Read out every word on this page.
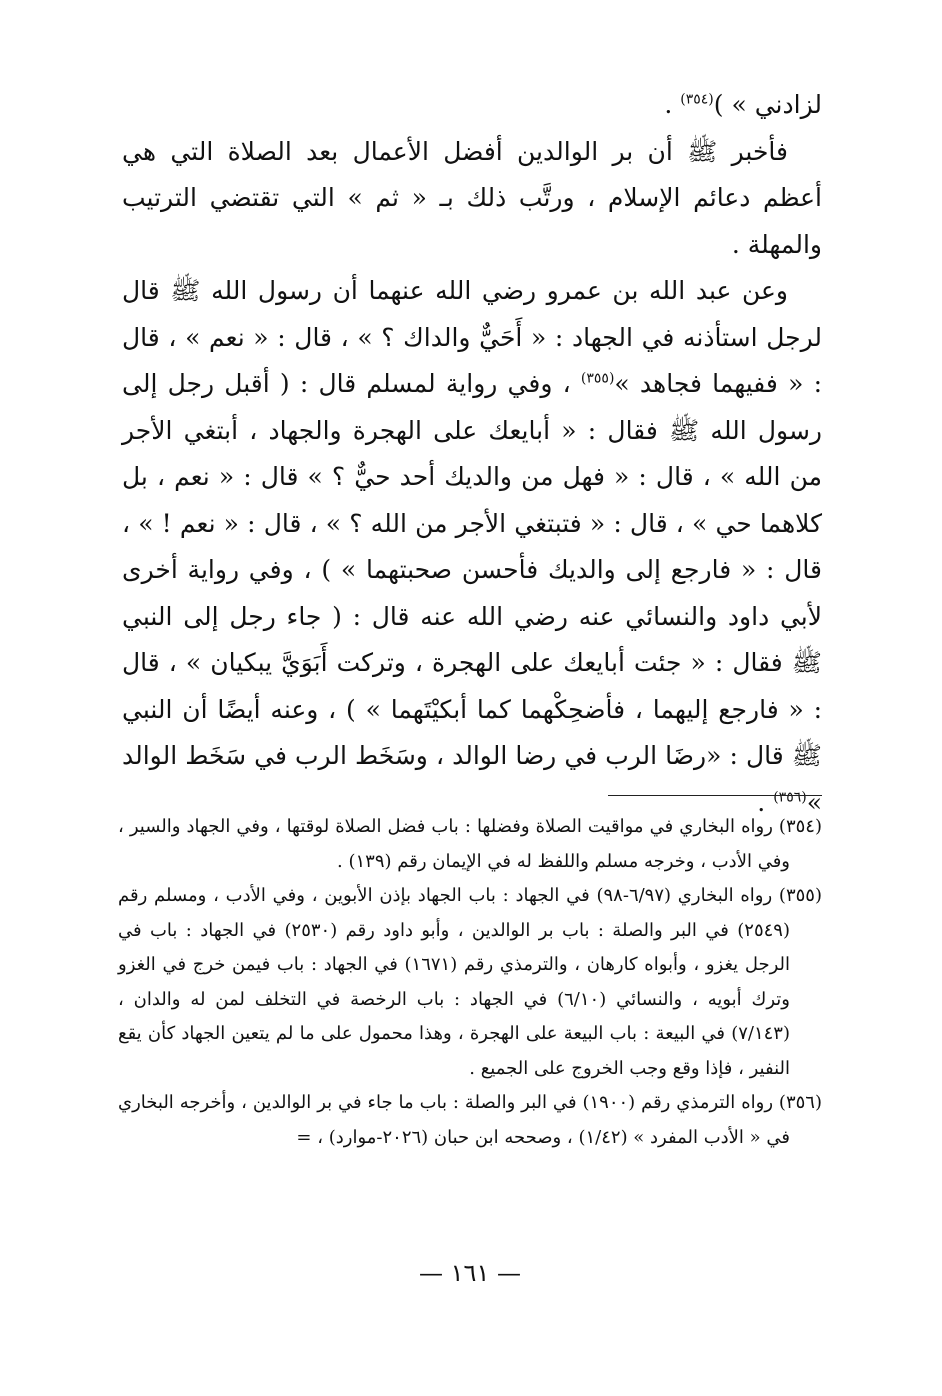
لزادني » )$^{(٣٥٤)}$ .

فأخبر ﷺ أن بر الوالدين أفضل الأعمال بعد الصلاة التي هي أعظم دعائم الإسلام ، ورتَّب ذلك بـ « ثم » التي تقتضي الترتيب والمهلة .

وعن عبد الله بن عمرو رضي الله عنهما أن رسول الله ﷺ قال لرجل استأذنه في الجهاد : « أَحَيٌّ والداك ؟ » ، قال : « نعم » ، قال : « ففيهما فجاهد »$^{(٣٥٥)}$ ، وفي رواية لمسلم قال : ( أقبل رجل إلى رسول الله ﷺ فقال : « أبايعك على الهجرة والجهاد ، أبتغي الأجر من الله » ، قال : « فهل من والديك أحد حيٌّ ؟ » قال : « نعم ، بل كلاهما حي » ، قال : « فتبتغي الأجر من الله ؟ » ، قال : « نعم ! » ، قال : « فارجع إلى والديك فأحسن صحبتهما » ) ، وفي رواية أخرى لأبي داود والنسائي عنه رضي الله عنه قال : ( جاء رجل إلى النبي ﷺ فقال : « جئت أبايعك على الهجرة ، وتركت أَبَوَيَّ يبكيان » ، قال : « فارجع إليهما ، فأضحِكْهما كما أبكيْتَهما » ) ، وعنه أيضًا أن النبي ﷺ قال : «رضَا الرب في رضا الوالد ، وسَخَط الرب في سَخَط الوالد »$^{(٣٥٦)}$ .

(٣٥٤) رواه البخاري في مواقيت الصلاة وفضلها : باب فضل الصلاة لوقتها ، وفي الجهاد والسير ، وفي الأدب ، وخرجه مسلم واللفظ له في الإيمان رقم (١٣٩) .

(٣٥٥) رواه البخاري (٦/٩٧-٩٨) في الجهاد : باب الجهاد بإذن الأبوين ، وفي الأدب ، ومسلم رقم (٢٥٤٩) في البر والصلة : باب بر الوالدين ، وأبو داود رقم (٢٥٣٠) في الجهاد : باب في الرجل يغزو ، وأبواه كارهان ، والترمذي رقم (١٦٧١) في الجهاد : باب فيمن خرج في الغزو وترك أبويه ، والنسائي (٦/١٠) في الجهاد : باب الرخصة في التخلف لمن له والدان ، (٧/١٤٣) في البيعة : باب البيعة على الهجرة ، وهذا محمول على ما لم يتعين الجهاد كأن يقع النفير ، فإذا وقع وجب الخروج على الجميع .

(٣٥٦) رواه الترمذي رقم (١٩٠٠) في البر والصلة : باب ما جاء في بر الوالدين ، وأخرجه البخاري في « الأدب المفرد » (١/٤٢) ، وصححه ابن حبان (٢٠٢٦-موارد) ، =

— ١٦١ —
